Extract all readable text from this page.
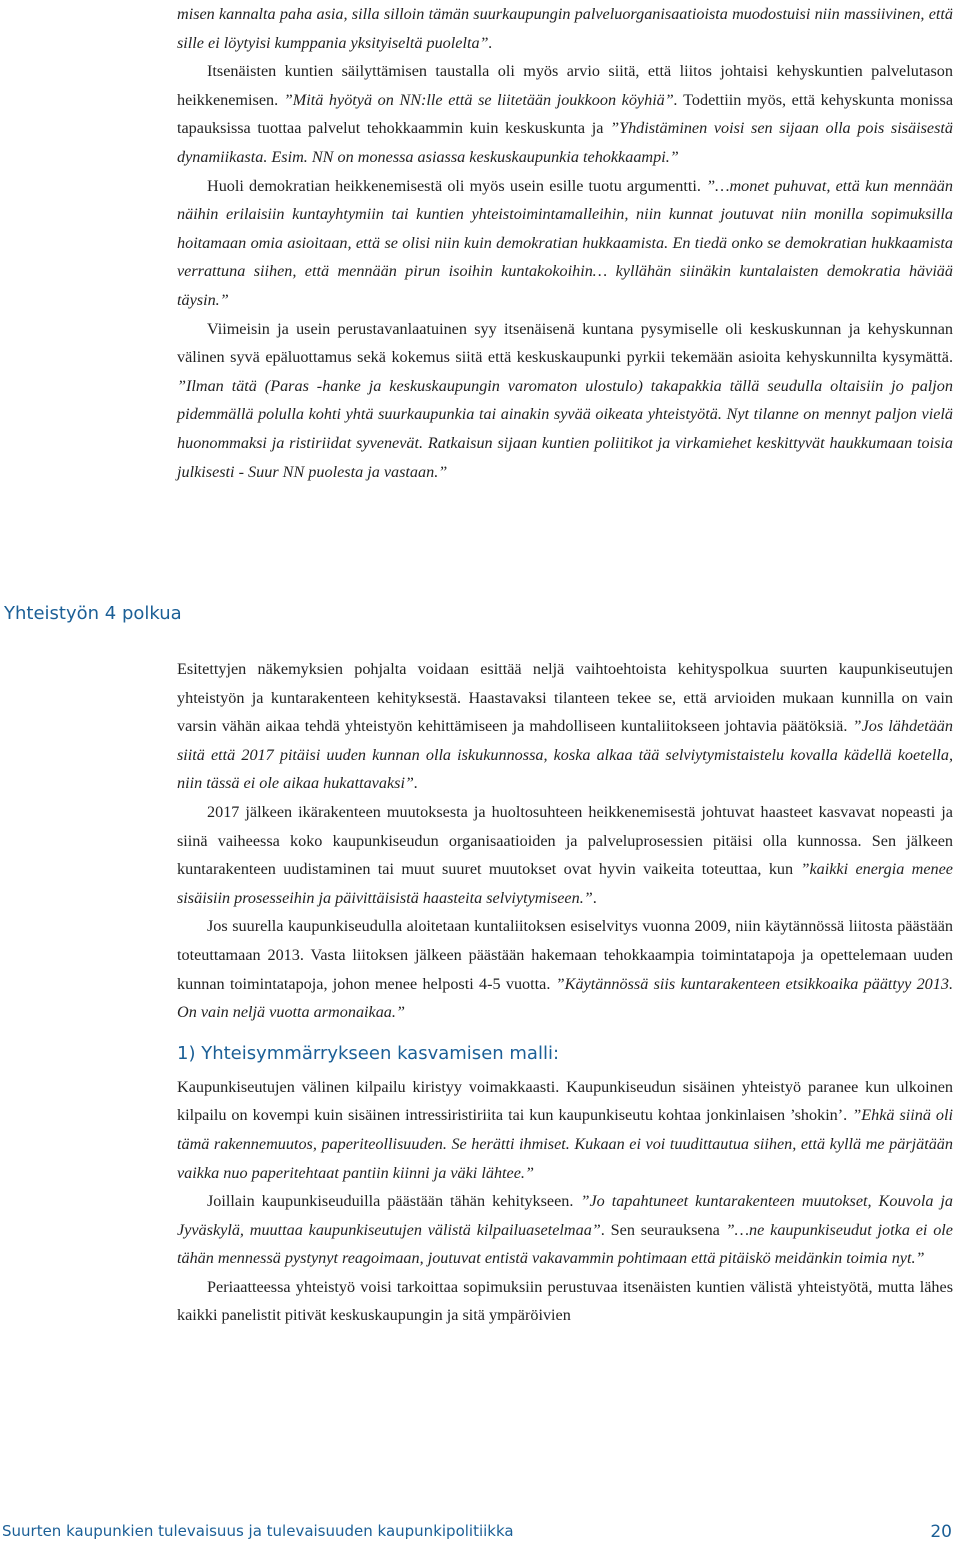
misen kannalta paha asia, silla silloin tämän suurkaupungin palveluorganisaatioista muodostuisi niin massiivinen, että sille ei löytyisi kumppania yksityiseltä puolelta”.

Itsenäisten kuntien säilyttämisen taustalla oli myös arvio siitä, että liitos johtaisi kehyskuntien palvelutason heikkenemisen. ”Mitä hyötyä on NN:lle että se liitetään joukkoon köyhiä”. Todettiin myös, että kehyskunta monissa tapauksissa tuottaa palvelut tehokkaammin kuin keskuskunta ja ”Yhdistäminen voisi sen sijaan olla pois sisäisestä dynamiikasta. Esim. NN on monessa asiassa keskuskaupunkia tehokkaampi.”

Huoli demokratian heikkenemisestä oli myös usein esille tuotu argumentti. ”…monet puhuvat, että kun mennään näihin erilaisiin kuntayhtymiin tai kuntien yhteistoimintamalleihin, niin kunnat joutuvat niin monilla sopimuksilla hoitamaan omia asioitaan, että se olisi niin kuin demokratian hukkaamista. En tiedä onko se demokratian hukkaamista verrattuna siihen, että mennään pirun isoihin kuntakokoihin… kyllähän siinäkin kuntalaisten demokratia häviää täysin.”

Viimeisin ja usein perustavanlaatuinen syy itsenäisenä kuntana pysymiselle oli keskuskunnan ja kehyskunnan välinen syvä epäluottamus sekä kokemus siitä että keskuskaupunki pyrkii tekemään asioita kehyskunnilta kysymättä. ”Ilman tätä (Paras -hanke ja keskuskaupungin varomaton ulostulo) takapakkia tällä seudulla oltaisiin jo paljon pidemmällä polulla kohti yhtä suurkaupunkia tai ainakin syvää oikeata yhteistyötä. Nyt tilanne on mennyt paljon vielä huonommaksi ja ristiriidat syvenevät. Ratkaisun sijaan kuntien poliitikot ja virkamiehet keskittyvät haukkumaan toisia julkisesti - Suur NN puolesta ja vastaan.”

Yhteistyön 4 polkua

Esitettyjen näkemyksien pohjalta voidaan esittää neljä vaihtoehtoista kehityspolkua suurten kaupunkiseutujen yhteistyön ja kuntarakenteen kehityksestä. Haastavaksi tilanteen tekee se, että arvioiden mukaan kunnilla on vain varsin vähän aikaa tehdä yhteistyön kehittämiseen ja mahdolliseen kuntaliitokseen johtavia päätöksiä. ”Jos lähdetään siitä että 2017 pitäisi uuden kunnan olla iskukunnossa, koska alkaa tää selviytymistaistelu kovalla kädellä koetella, niin tässä ei ole aikaa hukattavaksi”.

2017 jälkeen ikärakenteen muutoksesta ja huoltosuhteen heikkenemisestä johtuvat haasteet kasvavat nopeasti ja siinä vaiheessa koko kaupunkiseudun organisaatioiden ja palveluprosessien pitäisi olla kunnossa. Sen jälkeen kuntarakenteen uudistaminen tai muut suuret muutokset ovat hyvin vaikeita toteuttaa, kun ”kaikki energia menee sisäisiin prosesseihin ja päivittäisistä haasteita selviytymiseen.”.

Jos suurella kaupunkiseudulla aloitetaan kuntaliitoksen esiselvitys vuonna 2009, niin käytännössä liitosta päästään toteuttamaan 2013. Vasta liitoksen jälkeen päästään hakemaan tehokkaampia toimintatapoja ja opettelemaan uuden kunnan toimintatapoja, johon menee helposti 4-5 vuotta. ”Käytännössä siis kuntarakenteen etsikkoaika päättyy 2013. On vain neljä vuotta armonaikaa.”

1) Yhteisymmärrykseen kasvamisen malli:

Kaupunkiseutujen välinen kilpailu kiristyy voimakkaasti. Kaupunkiseudun sisäinen yhteistyö paranee kun ulkoinen kilpailu on kovempi kuin sisäinen intressiristiriita tai kun kaupunkiseutu kohtaa jonkinlaisen ’shokin’. ”Ehkä siinä oli tämä rakennemuutos, paperiteollisuuden. Se herätti ihmiset. Kukaan ei voi tuudittautua siihen, että kyllä me pärjätään vaikka nuo paperitehtaat pantiin kiinni ja väki lähtee.”

Joillain kaupunkiseuduilla päästään tähän kehitykseen. ”Jo tapahtuneet kuntarakenteen muutokset, Kouvola ja Jyväskylä, muuttaa kaupunkiseutujen välistä kilpailuasetelmaa”. Sen seurauksena ”…ne kaupunkiseudut jotka ei ole tähän mennessä pystynyt reagoimaan, joutuvat entistä vakavammin pohtimaan että pitäiskö meidänkin toimia nyt.”

Periaatteessa yhteistyö voisi tarkoittaa sopimuksiin perustuvaa itsenäisten kuntien välistä yhteistyötä, mutta lähes kaikki panelistit pitivät keskuskaupungin ja sitä ympäröivien

Suurten kaupunkien tulevaisuus ja tulevaisuuden kaupunkipolitiikka	20
